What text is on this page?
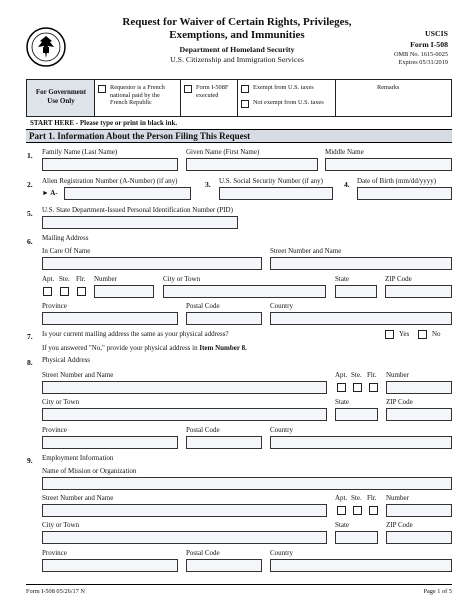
Request for Waiver of Certain Rights, Privileges,
Exemptions, and Immunities
Department of Homeland Security
U.S. Citizenship and Immigration Services
USCIS
Form I-508
OMB No. 1615-0025
Expires 05/31/2019
For Government Use Only
Requestor is a French national paid by the French Republic
Form I-508F executed
Exempt from U.S. taxes
Not exempt from U.S. taxes
Remarks
START HERE - Please type or print in black ink.
Part 1. Information About the Person Filing This Request
1. Family Name (Last Name)	Given Name (First Name)	Middle Name
2. Alien Registration Number (A-Number) (if any)
► A-
3. U.S. Social Security Number (if any)	4. Date of Birth (mm/dd/yyyy)
5. U.S. State Department-Issued Personal Identification Number (PID)
6. Mailing Address
In Care Of Name	Street Number and Name
Apt. Ste. Flr. Number	City or Town	State	ZIP Code
Province	Postal Code	Country
7. Is your current mailing address the same as your physical address?	Yes	No
If you answered "No," provide your physical address in Item Number 8.
8. Physical Address
Street Number and Name	Apt. Ste. Flr. Number
City or Town	State	ZIP Code
Province	Postal Code	Country
9. Employment Information
Name of Mission or Organization
Street Number and Name	Apt. Ste. Flr. Number
City or Town	State	ZIP Code
Province	Postal Code	Country
Form I-508 05/26/17 N	Page 1 of 5
